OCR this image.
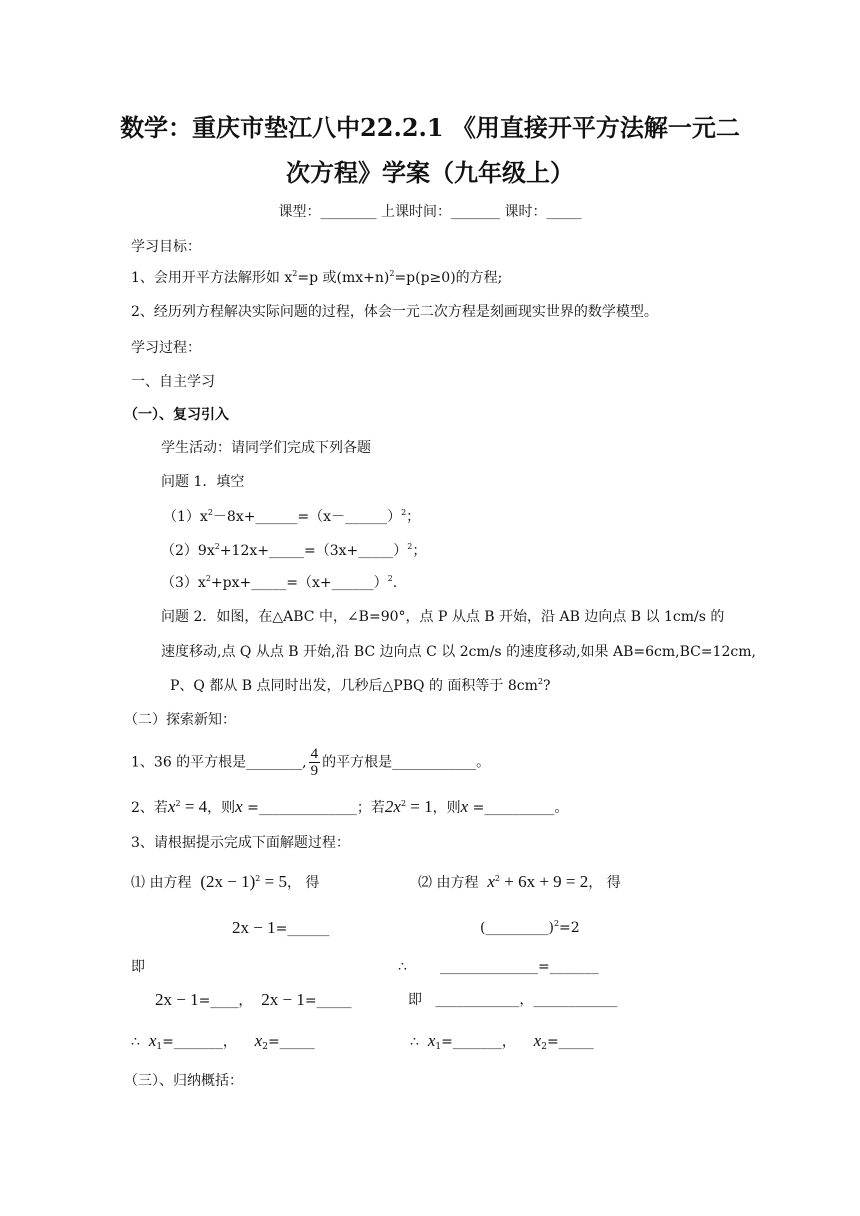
数学：重庆市垫江八中22.2.1 《用直接开平方法解一元二
次方程》学案（九年级上）
课型：________ 上课时间：_______ 课时：_____
学习目标：
1、会用开平方法解形如 $x^2=p$ 或$(mx+n)^2=p(p\ge 0)$的方程;
2、经历列方程解决实际问题的过程，体会一元二次方程是刻画现实世界的数学模型。
学习过程：
一、自主学习
（一）、复习引入
学生活动：请同学们完成下列各题
问题 1．填空
$(1)x^2-8x+\_\_\_\_\_\_=(x-\_\_\_\_\_\_)^2$；
$(2)9x^2+12x+\_\_\_\_\_=(3x+\_\_\_\_\_)^2$；
$(3)x^2+px+\_\_\_\_\_=(x+\_\_\_\_\_\_)^2$.
问题 2．如图，在△ABC 中，∠B=90°，点 P 从点 B 开始，沿 AB 边向点 B 以 1cm/s 的
速度移动,点 Q 从点 B 开始,沿 BC 边向点 C 以 2cm/s 的速度移动,如果 AB=6cm,BC=12cm,
P、Q 都从 B 点同时出发，几秒后△PBQ 的 面积等于 $8cm^2$?
（二）探索新知：
1、36 的平方根是________, $\frac{4}{9}$ 的平方根是____________。
2、若$x^2 = 4$，则x =______________；若$2x^2 = 1$，则x =__________。
3、请根据提示完成下面解题过程：
⑴ 由方程 $(2x - 1)^2 = 5$， 得
2x − 1=______
即
2x − 1=____， 2x − 1=_____
∴ $x_1=\_\_\_\_\_\_\_$， $x_2=\_\_\_\_\_$
⑵ 由方程 $x^2 + 6x + 9 = 2$， 得
(_________)$^2$=2
∴ ______________=_______
即 ____________，____________
∴ $x_1=\_\_\_\_\_\_\_$， $x_2=\_\_\_\_\_$
（三）、归纳概括：
